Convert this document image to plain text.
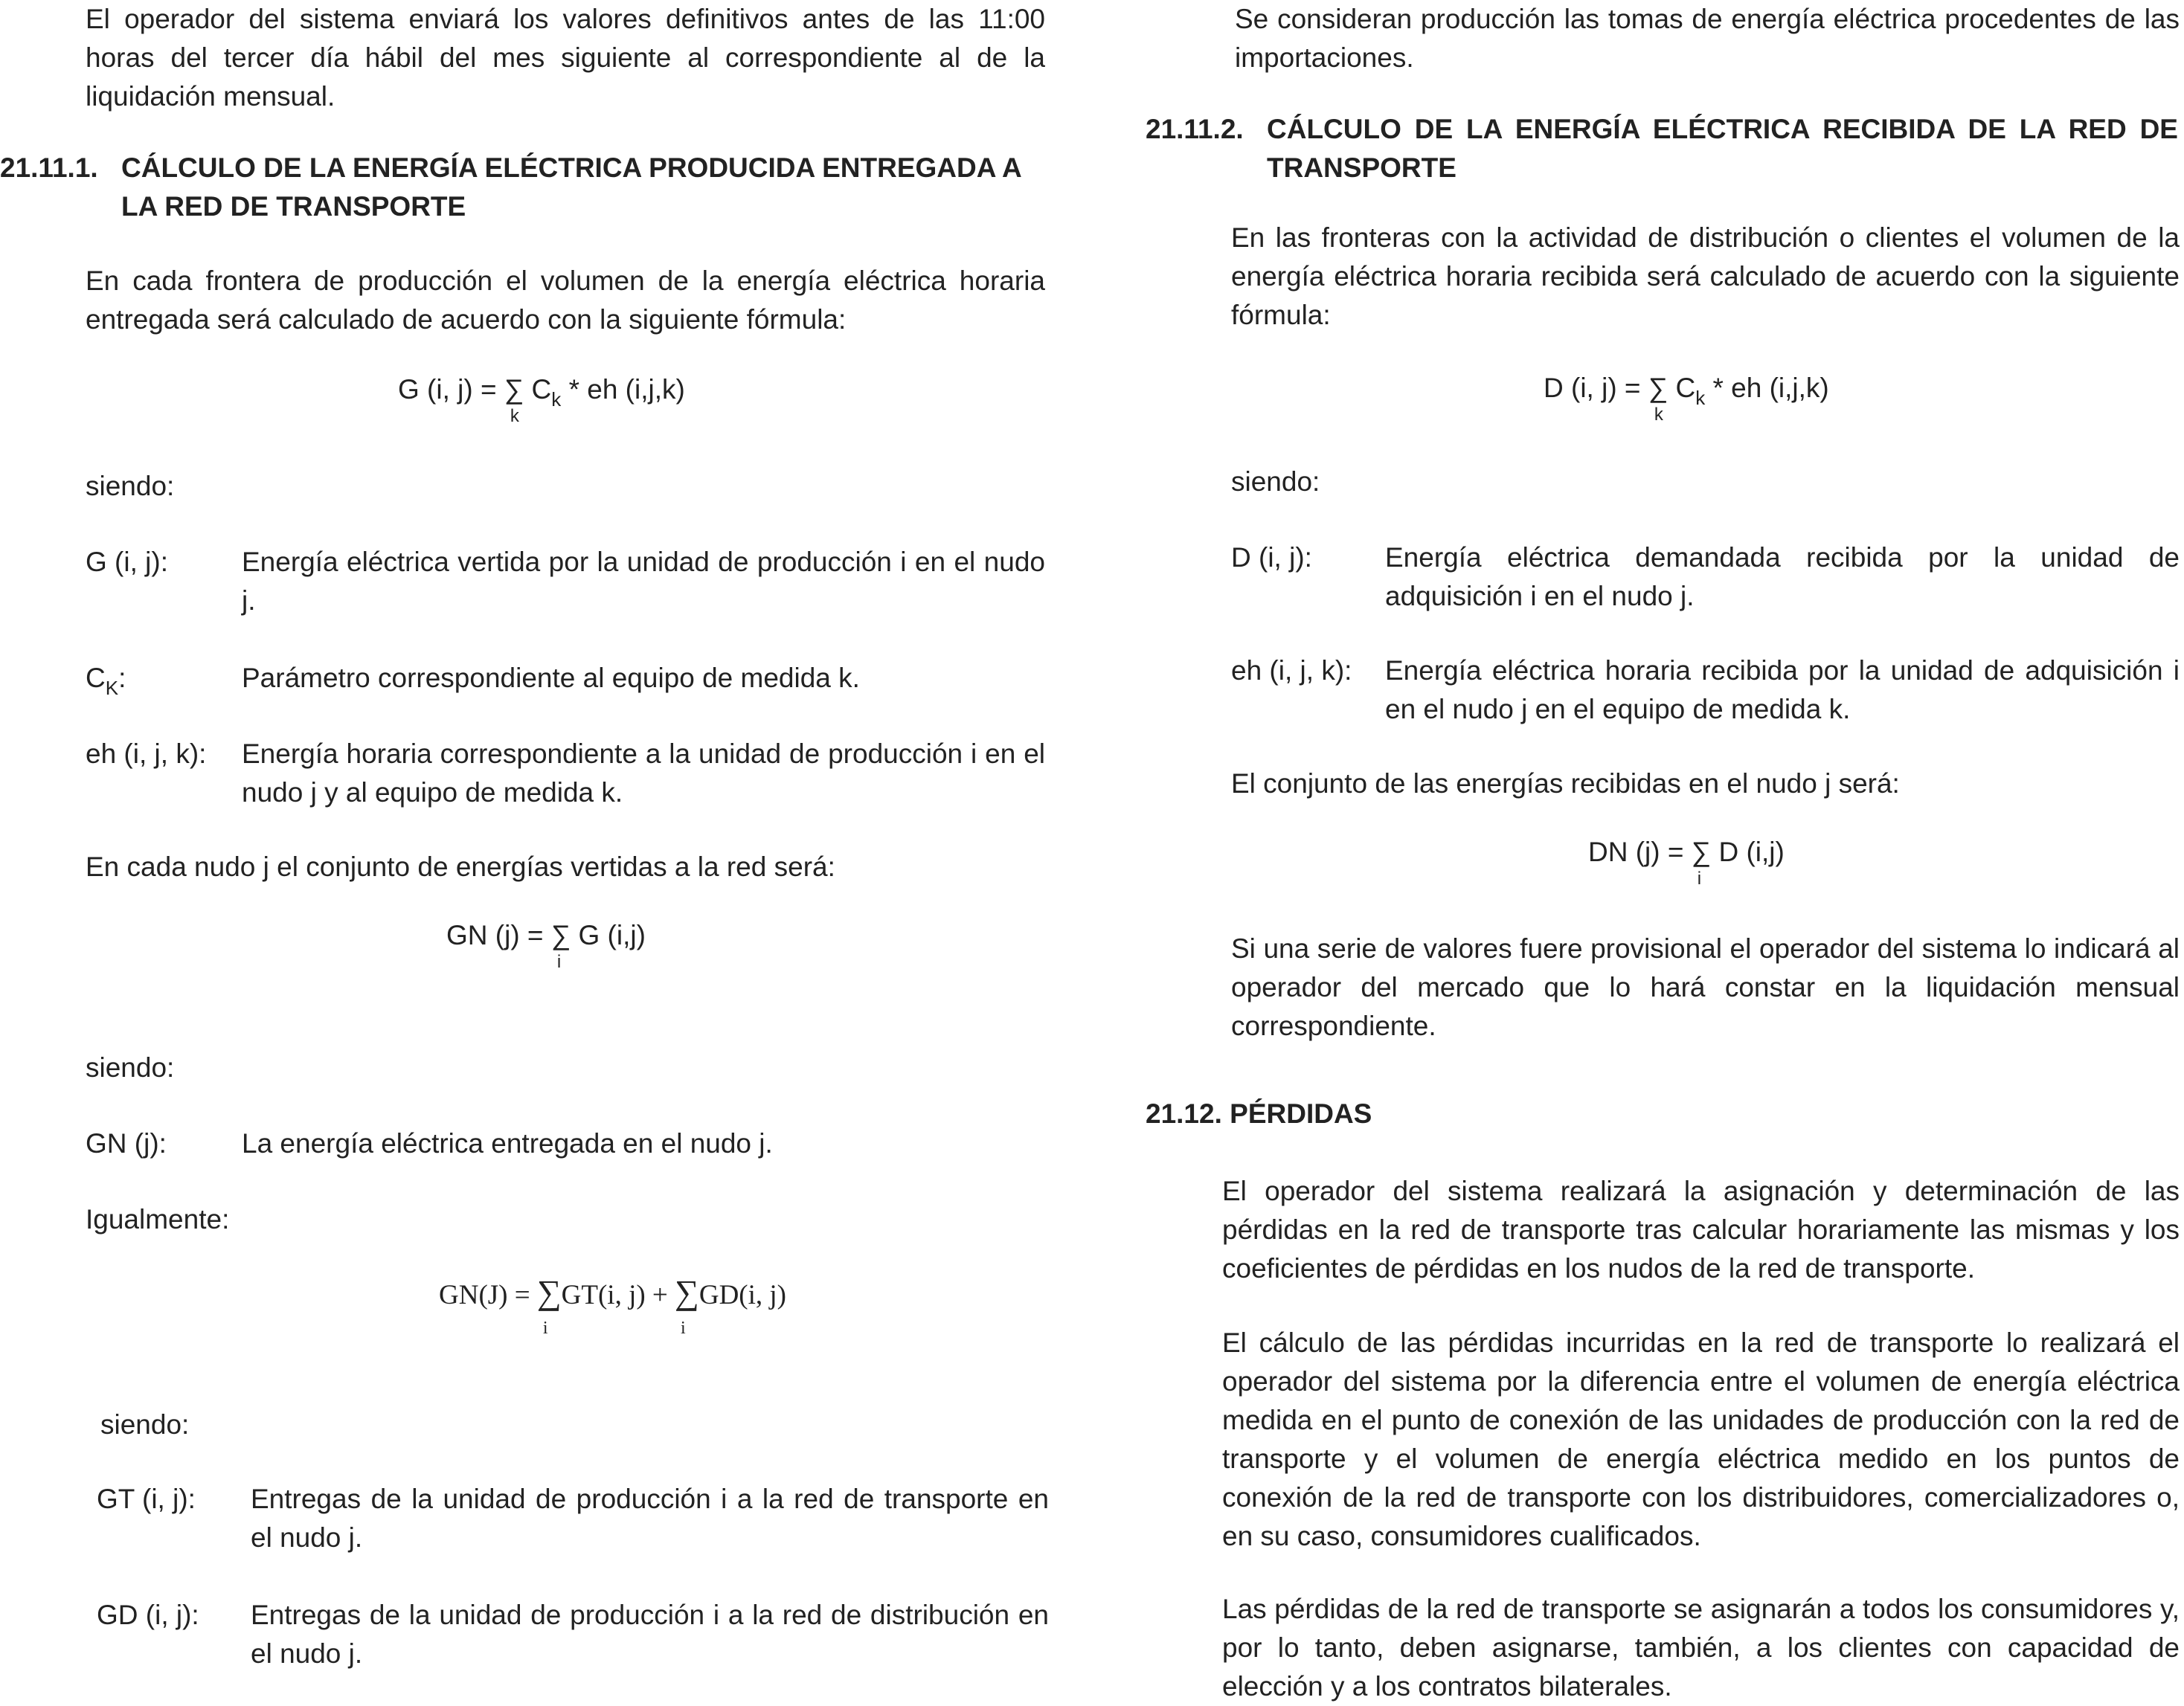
El operador del sistema enviará los valores definitivos antes de las 11:00 horas del tercer día hábil del mes siguiente al correspondiente al de la liquidación mensual.

21.11.1. CÁLCULO DE LA ENERGÍA ELÉCTRICA PRODUCIDA ENTREGADA A LA RED DE TRANSPORTE

En cada frontera de producción el volumen de la energía eléctrica horaria entregada será calculado de acuerdo con la siguiente fórmula:

G (i, j) = ∑
k
$C_k$ * eh (i,j,k)

siendo:

G (i, j):	Energía eléctrica vertida por la unidad de producción i en el nudo j.

$C_K$:	Parámetro correspondiente al equipo de medida k.

eh (i, j, k): Energía horaria correspondiente a la unidad de producción i en el nudo j y al equipo de medida k.

En cada nudo j el conjunto de energías vertidas a la red será:

GN (j) = ∑
i
G (i,j)

siendo:

GN (j):	La energía eléctrica entregada en el nudo j.

Igualmente:

GN(J) = ∑
i
GT(i, j) + ∑
i
GD(i, j)

siendo:

GT (i, j): Entregas de la unidad de producción i a la red de transporte en el nudo j.

GD (i, j): Entregas de la unidad de producción i a la red de distribución en el nudo j.

Se consideran producción las tomas de energía eléctrica procedentes de las importaciones.

21.11.2. CÁLCULO DE LA ENERGÍA ELÉCTRICA RECIBIDA DE LA RED DE TRANSPORTE

En las fronteras con la actividad de distribución o clientes el volumen de la energía eléctrica horaria recibida será calculado de acuerdo con la siguiente fórmula:

D (i, j) = ∑
k
$C_k$ * eh (i,j,k)

siendo:

D (i, j):	Energía eléctrica demandada recibida por la unidad de adquisición i en el nudo j.

eh (i, j, k): Energía eléctrica horaria recibida por la unidad de adquisición i en el nudo j en el equipo de medida k.

El conjunto de las energías recibidas en el nudo j será:

DN (j) = ∑
i
D (i,j)

Si una serie de valores fuere provisional el operador del sistema lo indicará al operador del mercado que lo hará constar en la liquidación mensual correspondiente.

21.12. PÉRDIDAS

El operador del sistema realizará la asignación y determinación de las pérdidas en la red de transporte tras calcular horariamente las mismas y los coeficientes de pérdidas en los nudos de la red de transporte.

El cálculo de las pérdidas incurridas en la red de transporte lo realizará el operador del sistema por la diferencia entre el volumen de energía eléctrica medida en el punto de conexión de las unidades de producción con la red de transporte y el volumen de energía eléctrica medido en los puntos de conexión de la red de transporte con los distribuidores, comercializadores o, en su caso, consumidores cualificados.

Las pérdidas de la red de transporte se asignarán a todos los consumidores y, por lo tanto, deben asignarse, también, a los clientes con capacidad de elección y a los contratos bilaterales.
